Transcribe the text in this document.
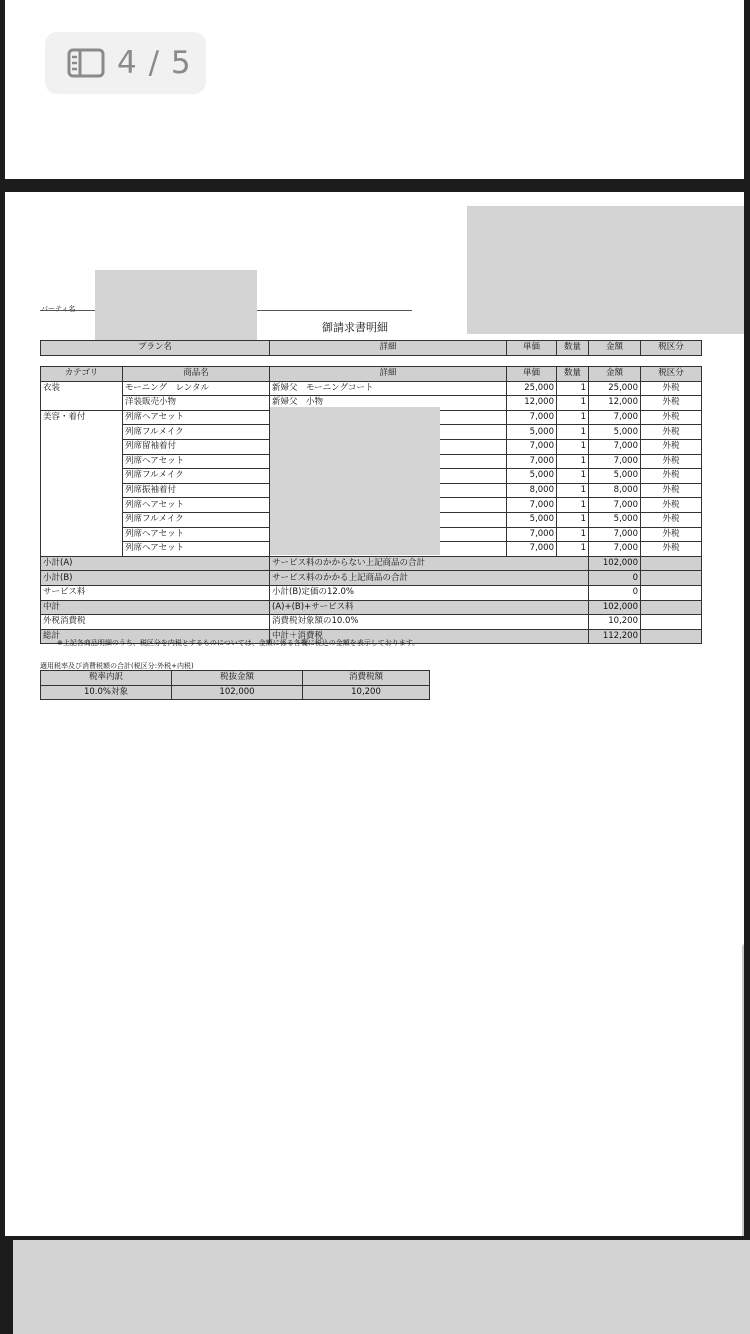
4 / 5
パーティ名
御請求書明細
プラン名	詳細	単価	数量	金額	税区分
カテゴリ	商品名	詳細	単価	数量	金額	税区分
衣装	モーニング　レンタル	新婦父　モーニングコート	25,000	1	25,000	外税
	洋装販売小物	新婦父　小物	12,000	1	12,000	外税
美容・着付	列席ヘアセット		7,000	1	7,000	外税
	列席フルメイク		5,000	1	5,000	外税
	列席留袖着付		7,000	1	7,000	外税
	列席ヘアセット		7,000	1	7,000	外税
	列席フルメイク		5,000	1	5,000	外税
	列席振袖着付		8,000	1	8,000	外税
	列席ヘアセット		7,000	1	7,000	外税
	列席フルメイク		5,000	1	5,000	外税
	列席ヘアセット		7,000	1	7,000	外税
	列席ヘアセット		7,000	1	7,000	外税
小計(A)		サービス料のかからない上記商品の合計			102,000	
小計(B)		サービス料のかかる上記商品の合計			0	
サービス料		小計(B)定価の12.0%			0	
中計		(A)+(B)+サービス料			102,000	
外税消費税		消費税対象額の10.0%			10,200	
総計		中計＋消費税			112,200	
※上記各商品明細のうち、税区分を内税とするものについては、金額に係る各欄に税込の金額を表示しております。
適用税率及び消費税額の合計(税区分:外税+内税)
税率内訳	税抜金額	消費税額
10.0%対象	102,000	10,200
